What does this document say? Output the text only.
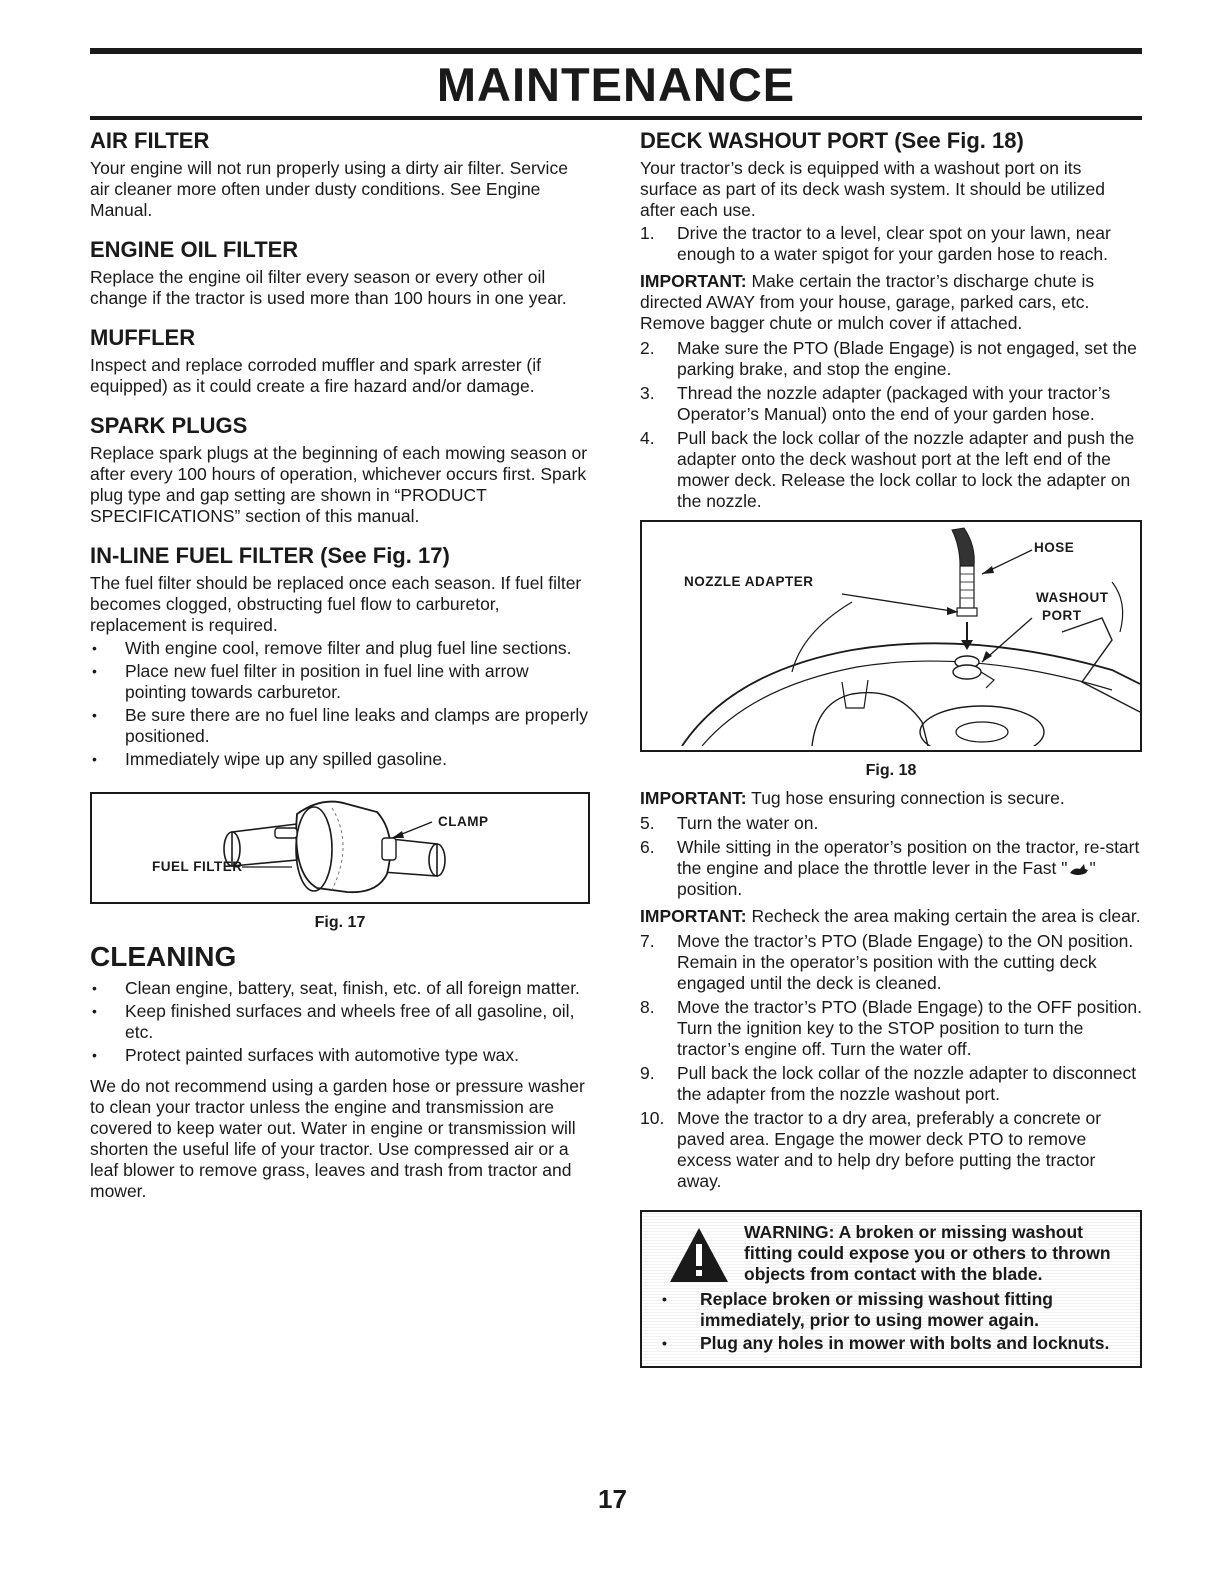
MAINTENANCE
AIR FILTER

Your engine will not run properly using a dirty air filter. Service air cleaner more often under dusty conditions. See Engine Manual.

ENGINE OIL FILTER

Replace the engine oil filter every season or every other oil change if the tractor is used more than 100 hours in one year.

MUFFLER

Inspect and replace corroded muffler and spark arrester (if equipped) as it could create a fire hazard and/or damage.

SPARK PLUGS

Replace spark plugs at the beginning of each mowing season or after every 100 hours of operation, whichever occurs first. Spark plug type and gap setting are shown in “PRODUCT SPECIFICATIONS” section of this manual.

IN-LINE FUEL FILTER (See Fig. 17)

The fuel filter should be replaced once each season. If fuel filter becomes clogged, obstructing fuel flow to carburetor, replacement is required.

• With engine cool, remove filter and plug fuel line sections.
• Place new fuel filter in position in fuel line with arrow pointing towards carburetor.
• Be sure there are no fuel line leaks and clamps are properly positioned.
• Immediately wipe up any spilled gasoline.
CLAMP
FUEL FILTER
Fig. 17
CLEANING
• Clean engine, battery, seat, finish, etc. of all foreign matter.
• Keep finished surfaces and wheels free of all gasoline, oil, etc.
• Protect painted surfaces with automotive type wax.

We do not recommend using a garden hose or pressure washer to clean your tractor unless the engine and transmission are covered to keep water out. Water in engine or transmission will shorten the useful life of your tractor. Use compressed air or a leaf blower to remove grass, leaves and trash from tractor and mower.

DECK WASHOUT PORT (See Fig. 18)

Your tractor’s deck is equipped with a washout port on its surface as part of its deck wash system. It should be utilized after each use.

1. Drive the tractor to a level, clear spot on your lawn, near enough to a water spigot for your garden hose to reach.

IMPORTANT: Make certain the tractor’s discharge chute is directed AWAY from your house, garage, parked cars, etc. Remove bagger chute or mulch cover if attached.

2. Make sure the PTO (Blade Engage) is not engaged, set the parking brake, and stop the engine.
3. Thread the nozzle adapter (packaged with your tractor’s Operator’s Manual) onto the end of your garden hose.
4. Pull back the lock collar of the nozzle adapter and push the adapter onto the deck washout port at the left end of the mower deck. Release the lock collar to lock the adapter on the nozzle.
HOSE
NOZZLE ADAPTER
WASHOUT
PORT
Fig. 18

IMPORTANT: Tug hose ensuring connection is secure.

5. Turn the water on.
6. While sitting in the operator’s position on the tractor, re-start the engine and place the throttle lever in the Fast " " position.

IMPORTANT: Recheck the area making certain the area is clear.

7. Move the tractor’s PTO (Blade Engage) to the ON position. Remain in the operator’s position with the cutting deck engaged until the deck is cleaned.
8. Move the tractor’s PTO (Blade Engage) to the OFF position. Turn the ignition key to the STOP position to turn the tractor’s engine off. Turn the water off.
9. Pull back the lock collar of the nozzle adapter to disconnect the adapter from the nozzle washout port.
10. Move the tractor to a dry area, preferably a concrete or paved area. Engage the mower deck PTO to remove excess water and to help dry before putting the tractor away.
WARNING: A broken or missing washout fitting could expose you or others to thrown objects from contact with the blade.
• Replace broken or missing washout fitting immediately, prior to using mower again.
• Plug any holes in mower with bolts and locknuts.
17
